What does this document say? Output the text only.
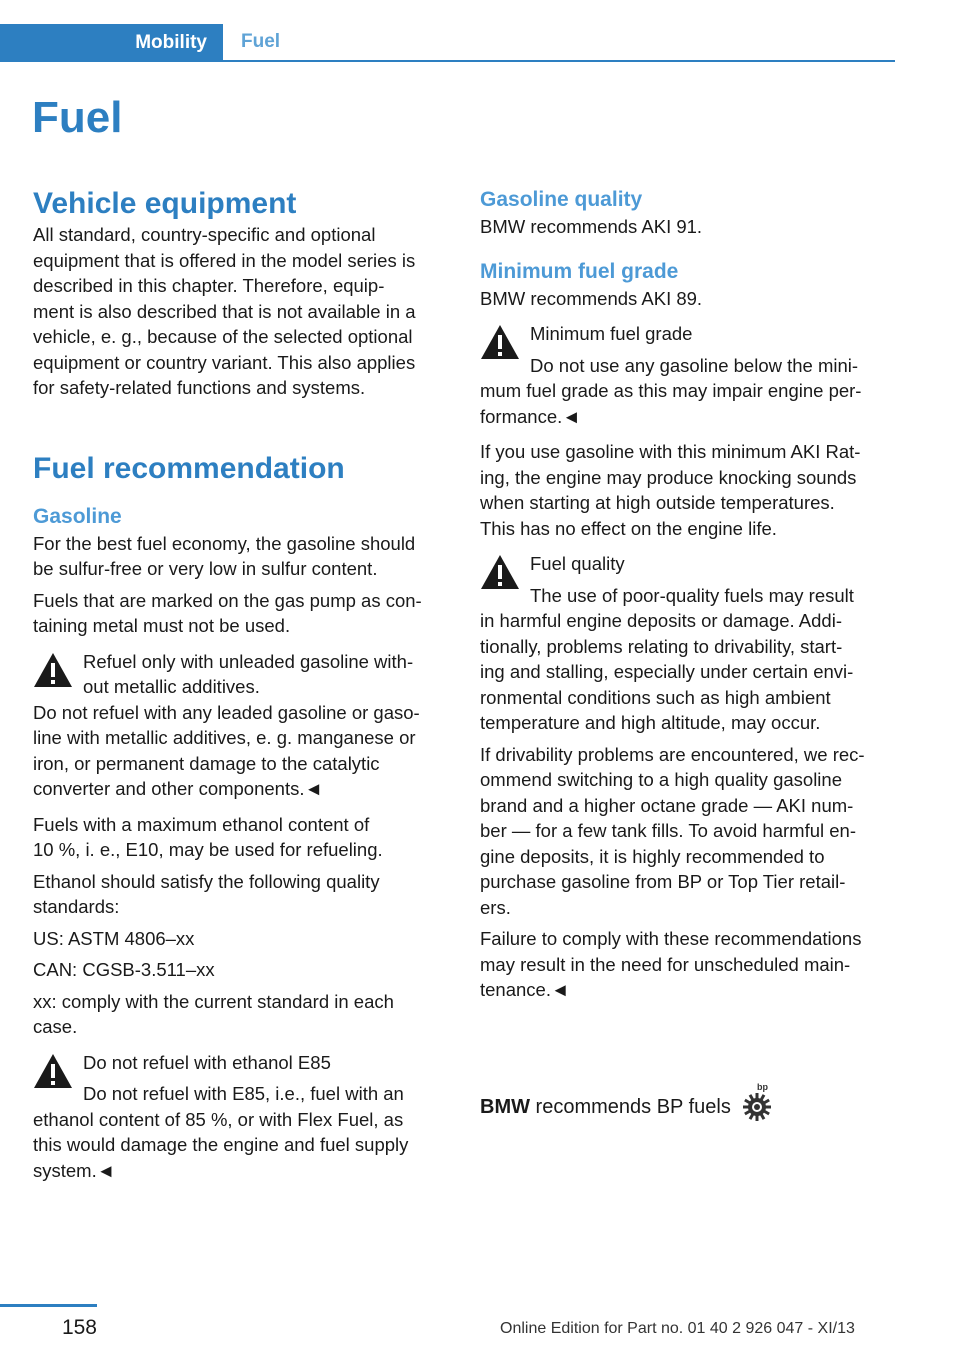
Mobility	Fuel
Fuel
Vehicle equipment

All standard, country-specific and optional

equipment that is offered in the model series is

described in this chapter. Therefore, equip‐

ment is also described that is not available in a

vehicle, e. g., because of the selected optional

equipment or country variant. This also applies

for safety-related functions and systems.

Fuel recommendation
Gasoline

For the best fuel economy, the gasoline should

be sulfur-free or very low in sulfur content.

Fuels that are marked on the gas pump as con‐

taining metal must not be used.

Refuel only with unleaded gasoline with‐

out metallic additives.

Do not refuel with any leaded gasoline or gaso‐

line with metallic additives, e. g. manganese or

iron, or permanent damage to the catalytic

converter and other components.◄

Fuels with a maximum ethanol content of

10 %, i. e., E10, may be used for refueling.

Ethanol should satisfy the following quality

standards:

US: ASTM 4806–xx

CAN: CGSB-3.511–xx

xx: comply with the current standard in each

case.

Do not refuel with ethanol E85

Do not refuel with E85, i.e., fuel with an

ethanol content of 85 %, or with Flex Fuel, as

this would damage the engine and fuel supply

system.◄

Gasoline quality

BMW recommends AKI 91.

Minimum fuel grade

BMW recommends AKI 89.

Minimum fuel grade

Do not use any gasoline below the mini‐

mum fuel grade as this may impair engine per‐

formance.◄

If you use gasoline with this minimum AKI Rat‐

ing, the engine may produce knocking sounds

when starting at high outside temperatures.

This has no effect on the engine life.

Fuel quality

The use of poor-quality fuels may result

in harmful engine deposits or damage. Addi‐

tionally, problems relating to drivability, start‐

ing and stalling, especially under certain envi‐

ronmental conditions such as high ambient

temperature and high altitude, may occur.

If drivability problems are encountered, we rec‐

ommend switching to a high quality gasoline

brand and a higher octane grade — AKI num‐

ber — for a few tank fills. To avoid harmful en‐

gine deposits, it is highly recommended to

purchase gasoline from BP or Top Tier retail‐

ers.

Failure to comply with these recommendations

may result in the need for unscheduled main‐

tenance.◄

BMW recommends BP fuels
bp
158	Online Edition for Part no. 01 40 2 926 047 - XI/13
